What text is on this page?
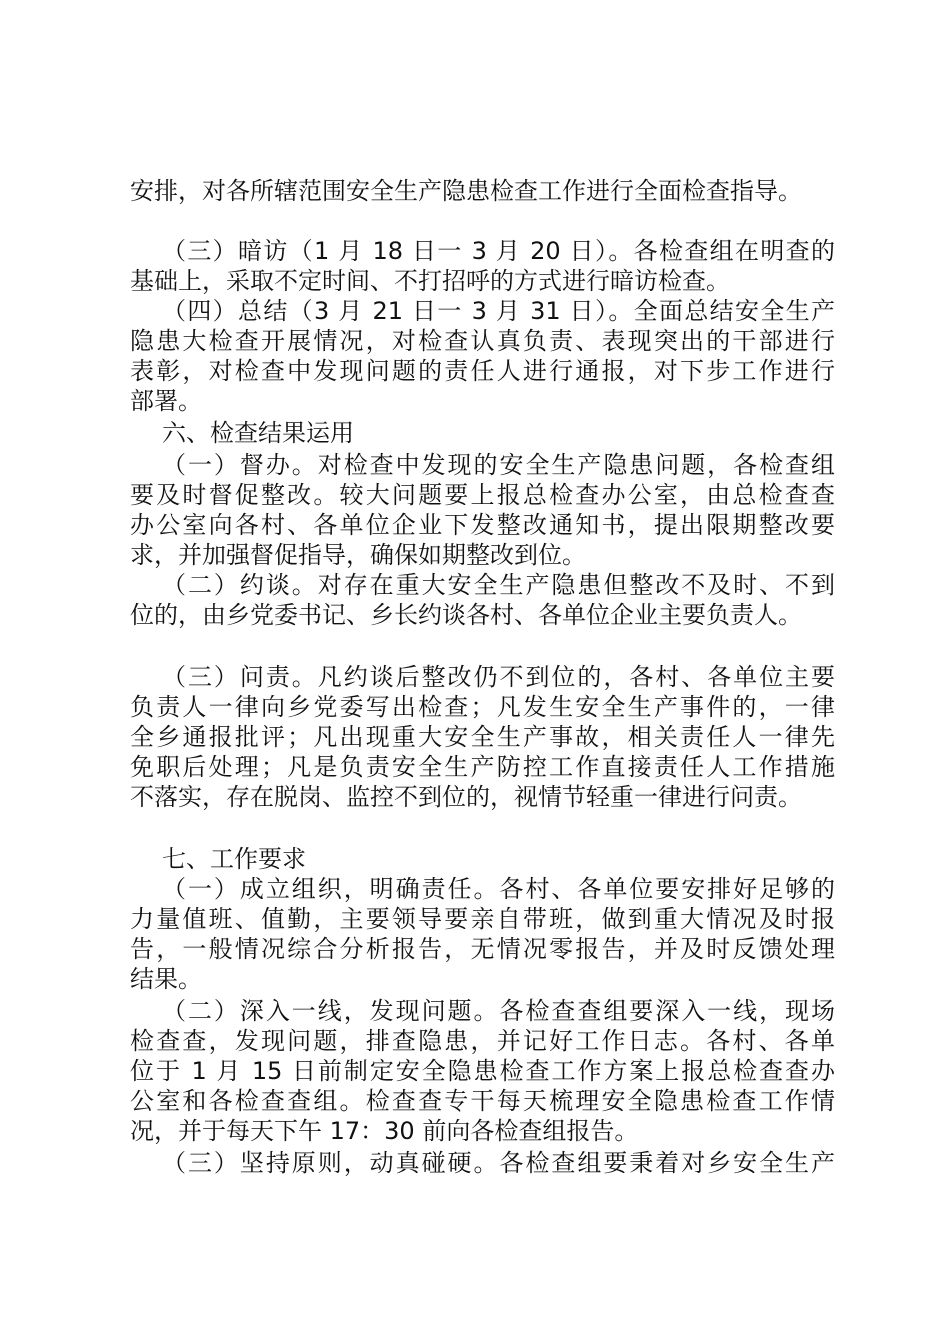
安排，对各所辖范围安全生产隐患检查工作进行全面检查指导。
（三）暗访（1 月 18 日一 3 月 20 日）。各检查组在明查的
基础上，采取不定时间、不打招呼的方式进行暗访检查。
（四）总结（3 月 21 日一 3 月 31 日）。全面总结安全生产
隐患大检查开展情况，对检查认真负责、表现突出的干部进行
表彰，对检查中发现问题的责任人进行通报，对下步工作进行
部署。
六、检查结果运用
（一）督办。对检查中发现的安全生产隐患问题，各检查组
要及时督促整改。较大问题要上报总检查办公室，由总检查查
办公室向各村、各单位企业下发整改通知书，提出限期整改要
求，并加强督促指导，确保如期整改到位。
（二）约谈。对存在重大安全生产隐患但整改不及时、不到
位的，由乡党委书记、乡长约谈各村、各单位企业主要负责人。
（三）问责。凡约谈后整改仍不到位的，各村、各单位主要
负责人一律向乡党委写出检查；凡发生安全生产事件的，一律
全乡通报批评；凡出现重大安全生产事故，相关责任人一律先
免职后处理；凡是负责安全生产防控工作直接责任人工作措施
不落实，存在脱岗、监控不到位的，视情节轻重一律进行问责。
七、工作要求
（一）成立组织，明确责任。各村、各单位要安排好足够的
力量值班、值勤，主要领导要亲自带班，做到重大情况及时报
告，一般情况综合分析报告，无情况零报告，并及时反馈处理
结果。
（二）深入一线，发现问题。各检查查组要深入一线，现场
检查查，发现问题，排查隐患，并记好工作日志。各村、各单
位于 1 月 15 日前制定安全隐患检查工作方案上报总检查查办
公室和各检查查组。检查查专干每天梳理安全隐患检查工作情
况，并于每天下午 17：30 前向各检查组报告。
（三）坚持原则，动真碰硬。各检查组要秉着对乡安全生产
